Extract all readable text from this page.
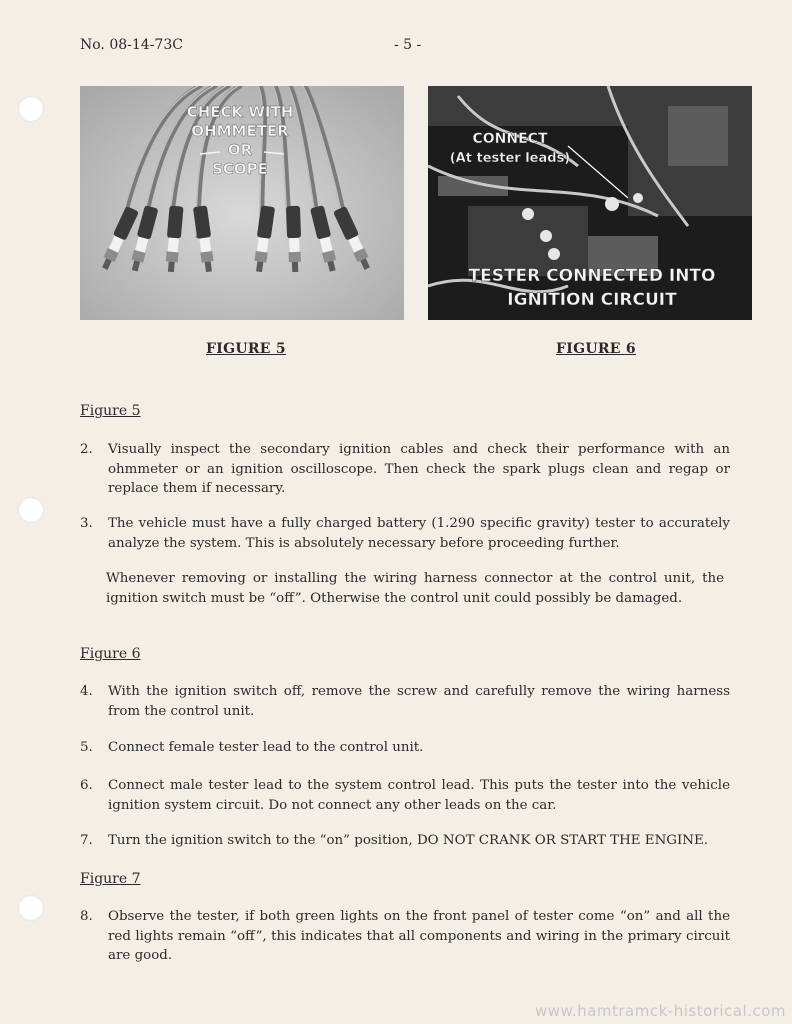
No. 08-14-73C	- 5 -
CHECK WITH
OHMMETER
OR
SCOPE
CONNECT
(At tester leads)
TESTER CONNECTED INTO
IGNITION CIRCUIT
FIGURE 5	FIGURE 6
Figure 5
2. Visually inspect the secondary ignition cables and check their performance with an ohmmeter or an ignition oscilloscope. Then check the spark plugs clean and regap or replace them if necessary.
3. The vehicle must have a fully charged battery (1.290 specific gravity) tester to accurately analyze the system. This is absolutely necessary before proceeding further.
Whenever removing or installing the wiring harness connector at the control unit, the ignition switch must be “off”. Otherwise the control unit could possibly be damaged.
Figure 6
4. With the ignition switch off, remove the screw and carefully remove the wiring harness from the control unit.
5. Connect female tester lead to the control unit.
6. Connect male tester lead to the system control lead. This puts the tester into the vehicle ignition system circuit. Do not connect any other leads on the car.
7. Turn the ignition switch to the “on” position, DO NOT CRANK OR START THE ENGINE.
Figure 7
8. Observe the tester, if both green lights on the front panel of tester come “on” and all the red lights remain “off”, this indicates that all components and wiring in the primary circuit are good.
www.hamtramck-historical.com
